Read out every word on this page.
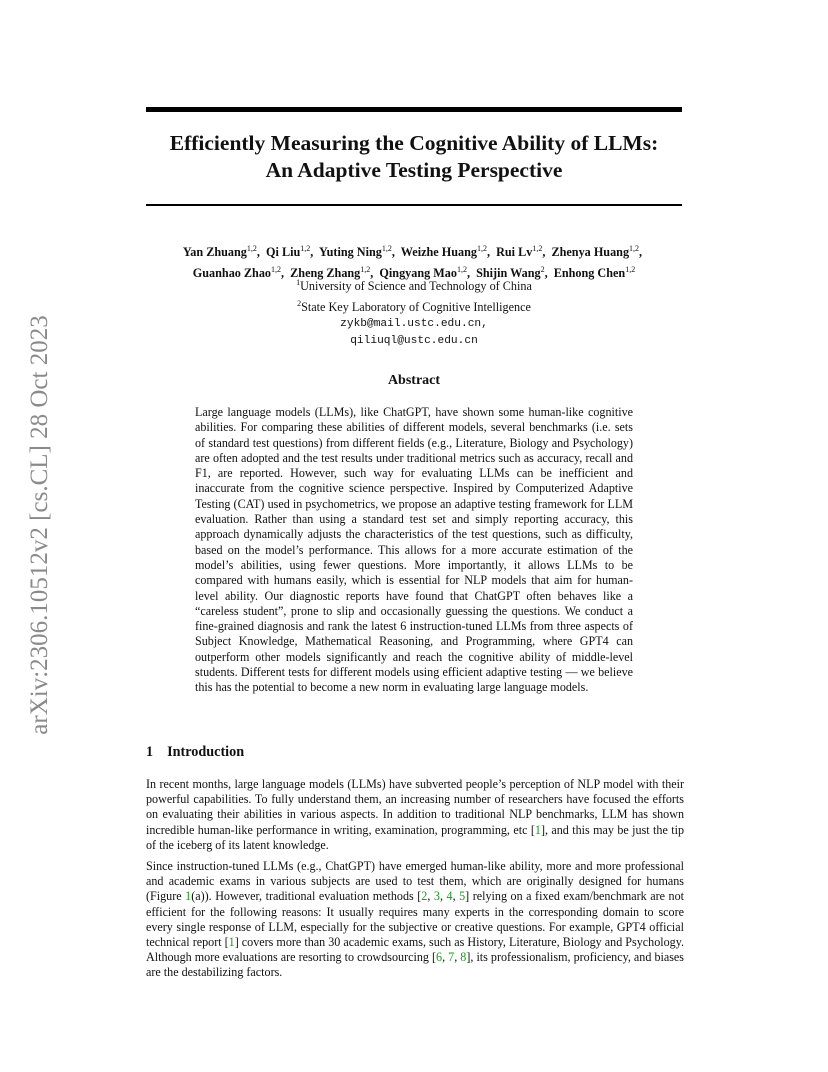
arXiv:2306.10512v2 [cs.CL] 28 Oct 2023
Efficiently Measuring the Cognitive Ability of LLMs:
An Adaptive Testing Perspective
Yan Zhuang$^{1,2}$,  Qi Liu$^{1,2}$,  Yuting Ning$^{1,2}$,  Weizhe Huang$^{1,2}$,  Rui Lv$^{1,2}$,  Zhenya Huang$^{1,2}$,
Guanhao Zhao$^{1,2}$,  Zheng Zhang$^{1,2}$,  Qingyang Mao$^{1,2}$,  Shijin Wang$^2$,  Enhong Chen$^{1,2}$
$^1$University of Science and Technology of China
$^2$State Key Laboratory of Cognitive Intelligence
zykb@mail.ustc.edu.cn,
qiliuql@ustc.edu.cn
Abstract

Large language models (LLMs), like ChatGPT, have shown some human-like cognitive abilities. For comparing these abilities of different models, several benchmarks (i.e. sets of standard test questions) from different fields (e.g., Literature, Biology and Psychology) are often adopted and the test results under traditional metrics such as accuracy, recall and F1, are reported. However, such way for evaluating LLMs can be inefficient and inaccurate from the cognitive science perspective. Inspired by Computerized Adaptive Testing (CAT) used in psychometrics, we propose an adaptive testing framework for LLM evaluation. Rather than using a standard test set and simply reporting accuracy, this approach dynamically adjusts the characteristics of the test questions, such as difficulty, based on the model’s performance. This allows for a more accurate estimation of the model’s abilities, using fewer questions. More importantly, it allows LLMs to be compared with humans easily, which is essential for NLP models that aim for human-level ability. Our diagnostic reports have found that ChatGPT often behaves like a “careless student”, prone to slip and occasionally guessing the questions. We conduct a fine-grained diagnosis and rank the latest 6 instruction-tuned LLMs from three aspects of Subject Knowledge, Mathematical Reasoning, and Programming, where GPT4 can outperform other models significantly and reach the cognitive ability of middle-level students. Different tests for different models using efficient adaptive testing — we believe this has the potential to become a new norm in evaluating large language models.

1 Introduction

In recent months, large language models (LLMs) have subverted people’s perception of NLP model with their powerful capabilities. To fully understand them, an increasing number of researchers have focused the efforts on evaluating their abilities in various aspects. In addition to traditional NLP benchmarks, LLM has shown incredible human-like performance in writing, examination, programming, etc [1], and this may be just the tip of the iceberg of its latent knowledge.

Since instruction-tuned LLMs (e.g., ChatGPT) have emerged human-like ability, more and more professional and academic exams in various subjects are used to test them, which are originally designed for humans (Figure 1(a)). However, traditional evaluation methods [2, 3, 4, 5] relying on a fixed exam/benchmark are not efficient for the following reasons: It usually requires many experts in the corresponding domain to score every single response of LLM, especially for the subjective or creative questions. For example, GPT4 official technical report [1] covers more than 30 academic exams, such as History, Literature, Biology and Psychology. Although more evaluations are resorting to crowdsourcing [6, 7, 8], its professionalism, proficiency, and biases are the destabilizing factors.
